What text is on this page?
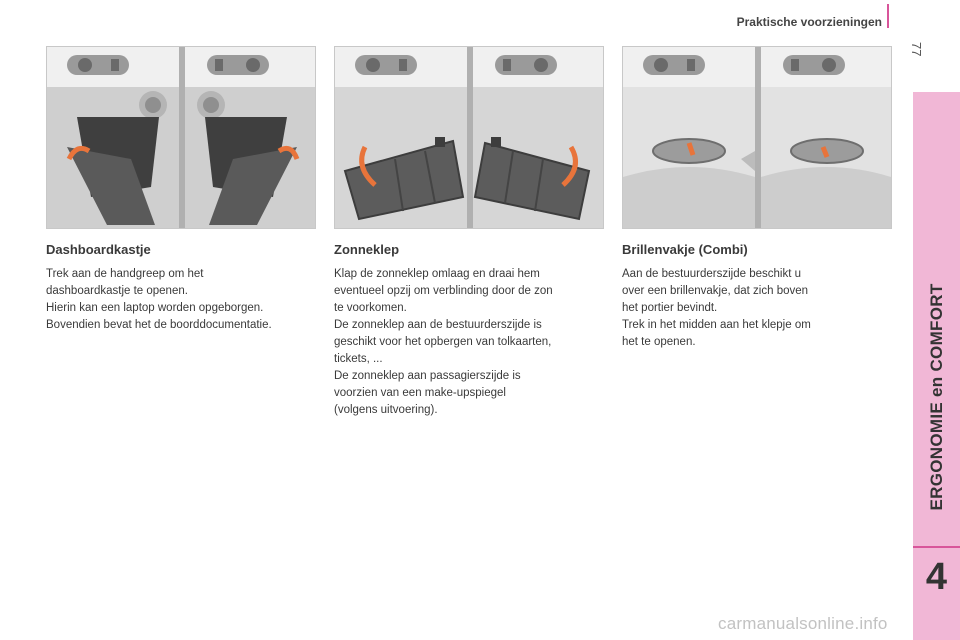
Praktische voorzieningen
77
ERGONOMIE en COMFORT
4
Dashboardkastje
Trek aan de handgreep om het
dashboardkastje te openen.
Hierin kan een laptop worden opgeborgen.
Bovendien bevat het de boorddocumentatie.
Zonneklep
Klap de zonneklep omlaag en draai hem
eventueel opzij om verblinding door de zon
te voorkomen.
De zonneklep aan de bestuurderszijde is
geschikt voor het opbergen van tolkaarten,
tickets, ...
De zonneklep aan passagierszijde is
voorzien van een make-upspiegel
(volgens uitvoering).
Brillenvakje (Combi)
Aan de bestuurderszijde beschikt u
over een brillenvakje, dat zich boven
het portier bevindt.
Trek in het midden aan het klepje om
het te openen.
carmanualsonline.info
